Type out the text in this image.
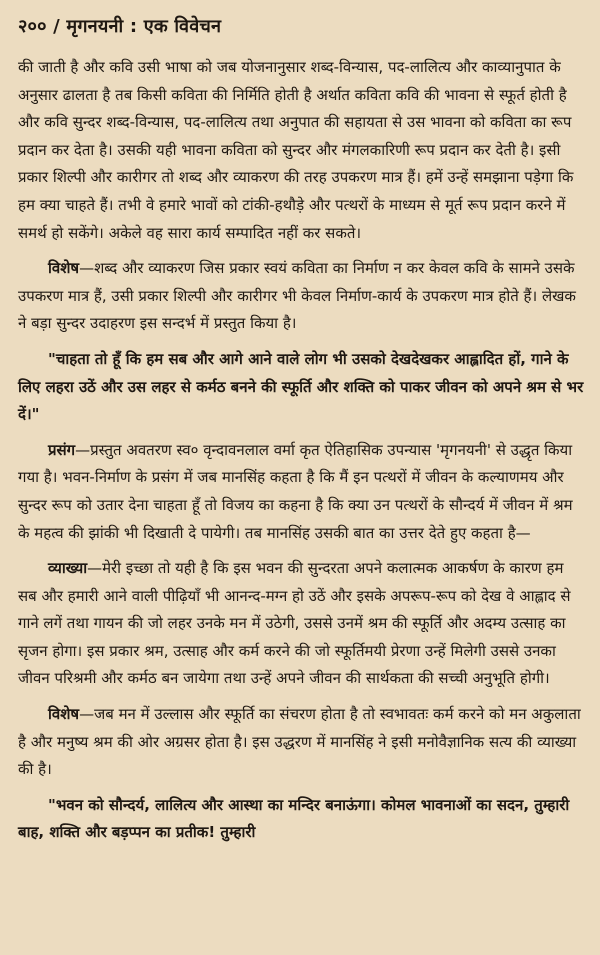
२०० / मृगनयनी : एक विवेचन

की जाती है और कवि उसी भाषा को जब योजनानुसार शब्द-विन्यास, पद-लालित्य और काव्यानुपात के अनुसार ढालता है तब किसी कविता की निर्मिति होती है अर्थात कविता कवि की भावना से स्फूर्त होती है और कवि सुन्दर शब्द-विन्यास, पद-लालित्य तथा अनुपात की सहायता से उस भावना को कविता का रूप प्रदान कर देता है। उसकी यही भावना कविता को सुन्दर और मंगलकारिणी रूप प्रदान कर देती है। इसी प्रकार शिल्पी और कारीगर तो शब्द और व्याकरण की तरह उपकरण मात्र हैं। हमें उन्हें समझाना पड़ेगा कि हम क्या चाहते हैं। तभी वे हमारे भावों को टांकी-हथौड़े और पत्थरों के माध्यम से मूर्त रूप प्रदान करने में समर्थ हो सकेंगे। अकेले वह सारा कार्य सम्पादित नहीं कर सकते।

विशेष—शब्द और व्याकरण जिस प्रकार स्वयं कविता का निर्माण न कर केवल कवि के सामने उसके उपकरण मात्र हैं, उसी प्रकार शिल्पी और कारीगर भी केवल निर्माण-कार्य के उपकरण मात्र होते हैं। लेखक ने बड़ा सुन्दर उदाहरण इस सन्दर्भ में प्रस्तुत किया है।

"चाहता तो हूँ कि हम सब और आगे आने वाले लोग भी उसको देखदेखकर आह्लादित हों, गाने के लिए लहरा उठें और उस लहर से कर्मठ बनने की स्फूर्ति और शक्ति को पाकर जीवन को अपने श्रम से भर दें।"

प्रसंग—प्रस्तुत अवतरण स्व० वृन्दावनलाल वर्मा कृत ऐतिहासिक उपन्यास 'मृगनयनी' से उद्धृत किया गया है। भवन-निर्माण के प्रसंग में जब मानसिंह कहता है कि मैं इन पत्थरों में जीवन के कल्याणमय और सुन्दर रूप को उतार देना चाहता हूँ तो विजय का कहना है कि क्या उन पत्थरों के सौन्दर्य में जीवन में श्रम के महत्व की झांकी भी दिखाती दे पायेगी। तब मानसिंह उसकी बात का उत्तर देते हुए कहता है—

व्याख्या—मेरी इच्छा तो यही है कि इस भवन की सुन्दरता अपने कलात्मक आकर्षण के कारण हम सब और हमारी आने वाली पीढ़ियाँ भी आनन्द-मग्न हो उठें और इसके अपरूप-रूप को देख वे आह्लाद से गाने लगें तथा गायन की जो लहर उनके मन में उठेगी, उससे उनमें श्रम की स्फूर्ति और अदम्य उत्साह का सृजन होगा। इस प्रकार श्रम, उत्साह और कर्म करने की जो स्फूर्तिमयी प्रेरणा उन्हें मिलेगी उससे उनका जीवन परिश्रमी और कर्मठ बन जायेगा तथा उन्हें अपने जीवन की सार्थकता की सच्ची अनुभूति होगी।

विशेष—जब मन में उल्लास और स्फूर्ति का संचरण होता है तो स्वभावतः कर्म करने को मन अकुलाता है और मनुष्य श्रम की ओर अग्रसर होता है। इस उद्धरण में मानसिंह ने इसी मनोवैज्ञानिक सत्य की व्याख्या की है।

"भवन को सौन्दर्य, लालित्य और आस्था का मन्दिर बनाऊंगा। कोमल भावनाओं का सदन, तुम्हारी बाह, शक्ति और बड़प्पन का प्रतीक! तुम्हारी
